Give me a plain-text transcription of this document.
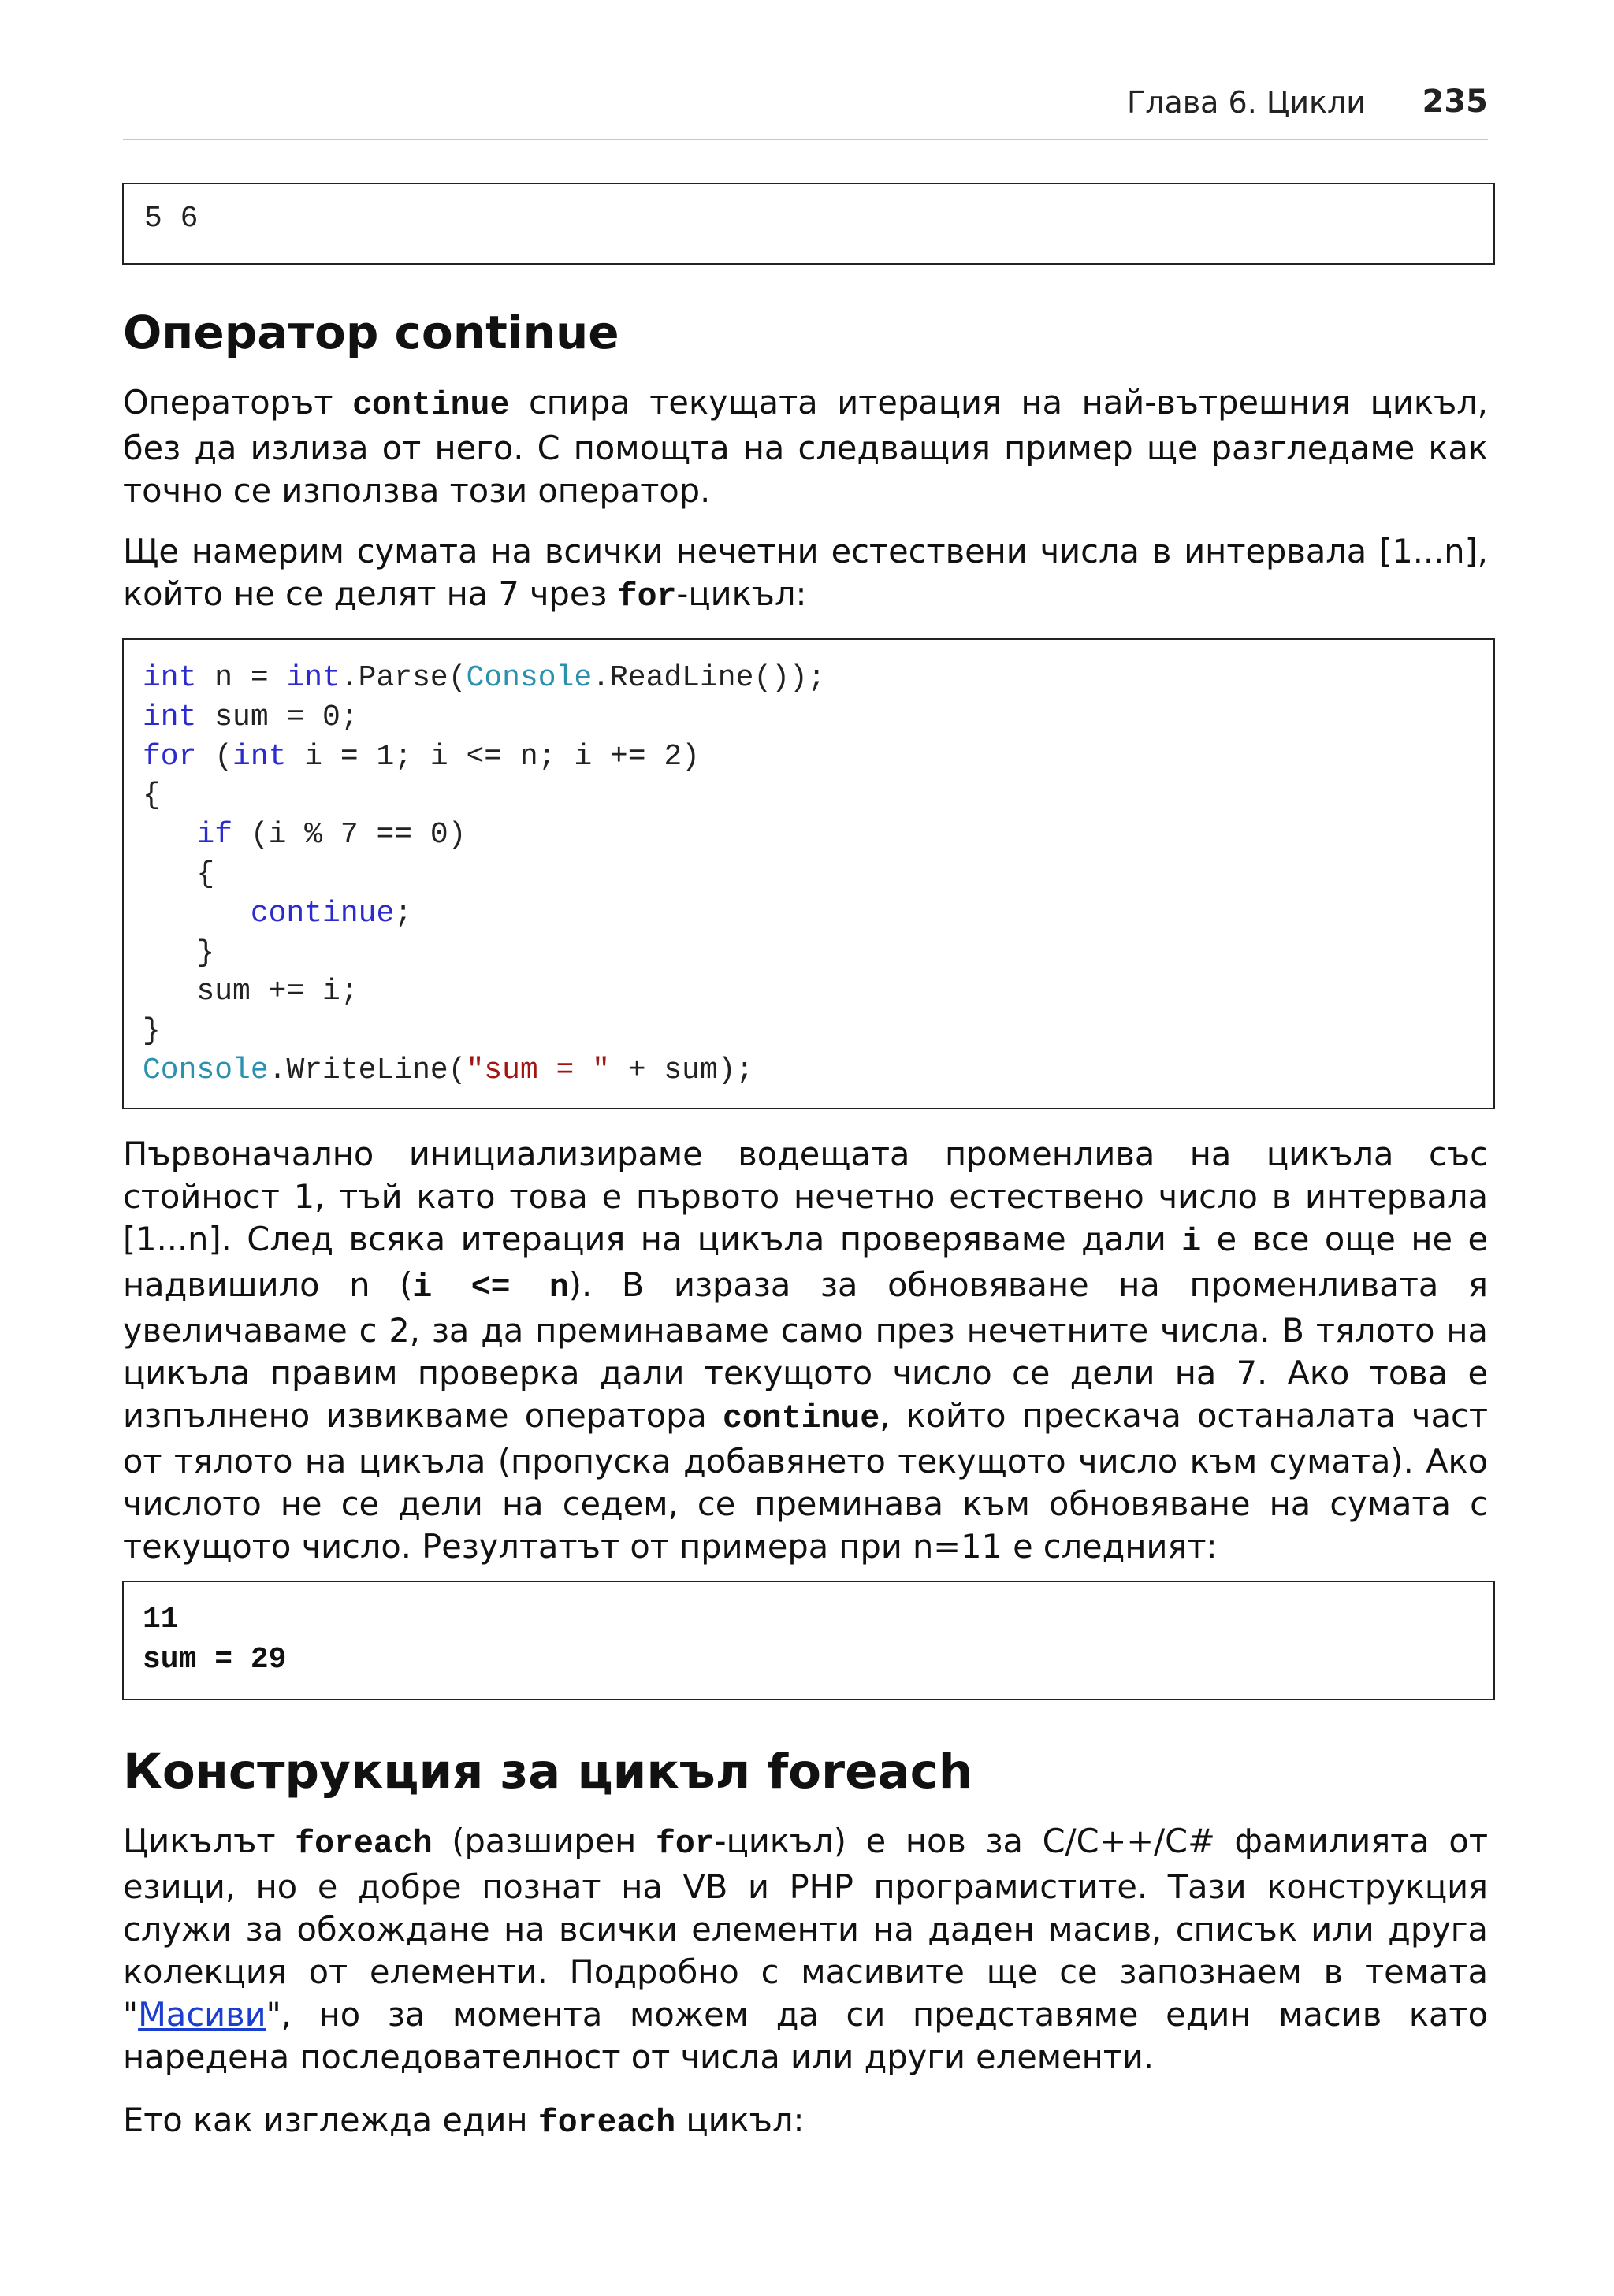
Глава 6. Цикли 235
5 6
Оператор continue

Операторът continue спира текущата итерация на най-вътрешния цикъл, без да излиза от него. С помощта на следващия пример ще разгледаме как точно се използва този оператор.

Ще намерим сумата на всички нечетни естествени числа в интервала [1...n], който не се делят на 7 чрез for-цикъл:

int n = int.Parse(Console.ReadLine());
int sum = 0;
for (int i = 1; i <= n; i += 2)
{
if (i % 7 == 0)
{
continue;
}
sum += i;
}
Console.WriteLine("sum = " + sum);

Първоначално инициализираме водещата променлива на цикъла със стойност 1, тъй като това е първото нечетно естествено число в интервала [1...n]. След всяка итерация на цикъла проверяваме дали i е все още не е надвишило n (i <= n). В израза за обновяване на променливата я увеличаваме с 2, за да преминаваме само през нечетните числа. В тялото на цикъла правим проверка дали текущото число се дели на 7. Ако това е изпълнено извикваме оператора continue, който прескача останалата част от тялото на цикъла (пропуска добавянето текущото число към сумата). Ако числото не се дели на седем, се преминава към обновяване на сумата с текущото число. Резултатът от примера при n=11 е следният:

11
sum = 29
Конструкция за цикъл foreach

Цикълът foreach (разширен for-цикъл) е нов за C/C++/C# фамилията от езици, но е добре познат на VB и PHP програмистите. Тази конструкция служи за обхождане на всички елементи на даден масив, списък или друга колекция от елементи. Подробно с масивите ще се запознаем в темата "Масиви", но за момента можем да си представяме един масив като наредена последователност от числа или други елементи.

Ето как изглежда един foreach цикъл:
